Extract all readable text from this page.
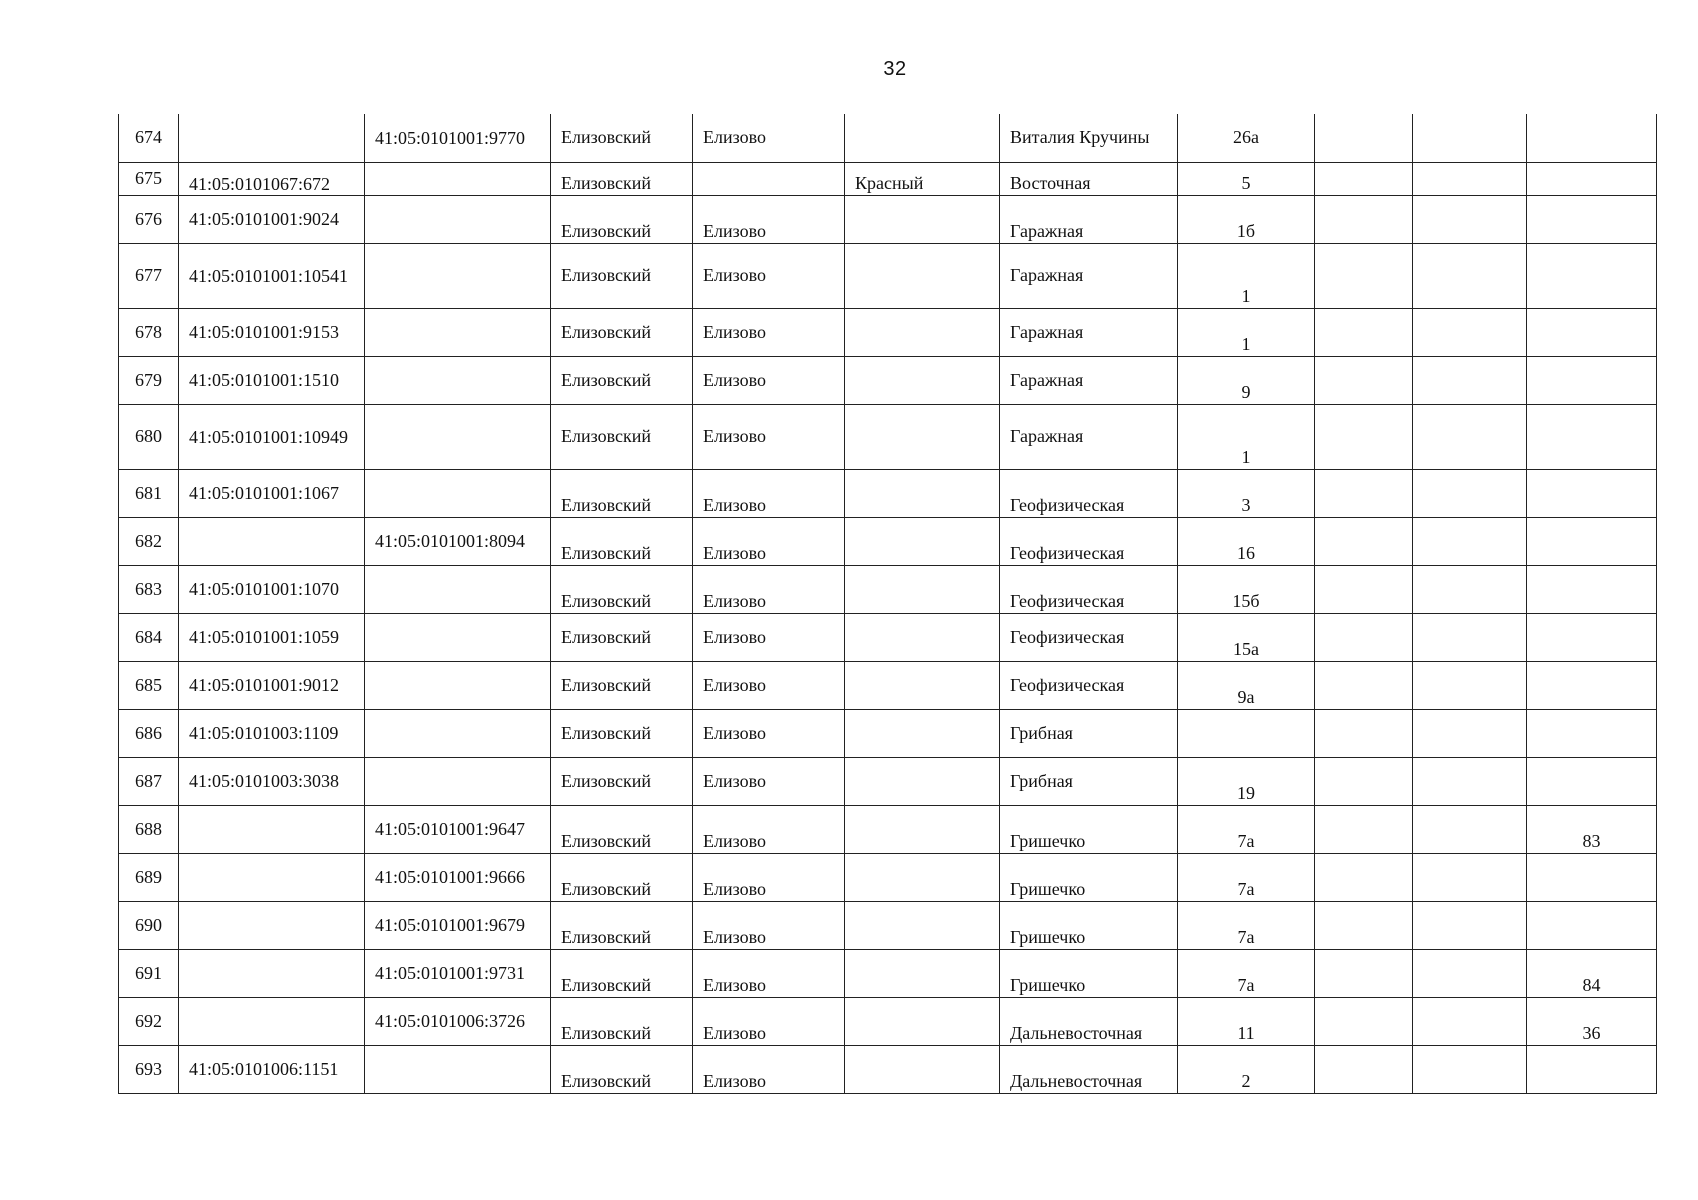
32
674		41:05:0101001:9770	Елизовский	Елизово		Виталия Кручины	26а			
675	41:05:0101067:672		Елизовский		Красный	Восточная	5			
676	41:05:0101001:9024		Елизовский	Елизово		Гаражная	1б			
677	41:05:0101001:10541		Елизовский	Елизово		Гаражная	1			
678	41:05:0101001:9153		Елизовский	Елизово		Гаражная	1			
679	41:05:0101001:1510		Елизовский	Елизово		Гаражная	9			
680	41:05:0101001:10949		Елизовский	Елизово		Гаражная	1			
681	41:05:0101001:1067		Елизовский	Елизово		Геофизическая	3			
682		41:05:0101001:8094	Елизовский	Елизово		Геофизическая	16			
683	41:05:0101001:1070		Елизовский	Елизово		Геофизическая	15б			
684	41:05:0101001:1059		Елизовский	Елизово		Геофизическая	15а			
685	41:05:0101001:9012		Елизовский	Елизово		Геофизическая	9а			
686	41:05:0101003:1109		Елизовский	Елизово		Грибная				
687	41:05:0101003:3038		Елизовский	Елизово		Грибная	19			
688		41:05:0101001:9647	Елизовский	Елизово		Гришечко	7а			83
689		41:05:0101001:9666	Елизовский	Елизово		Гришечко	7а			
690		41:05:0101001:9679	Елизовский	Елизово		Гришечко	7а			
691		41:05:0101001:9731	Елизовский	Елизово		Гришечко	7а			84
692		41:05:0101006:3726	Елизовский	Елизово		Дальневосточная	11			36
693	41:05:0101006:1151		Елизовский	Елизово		Дальневосточная	2			
